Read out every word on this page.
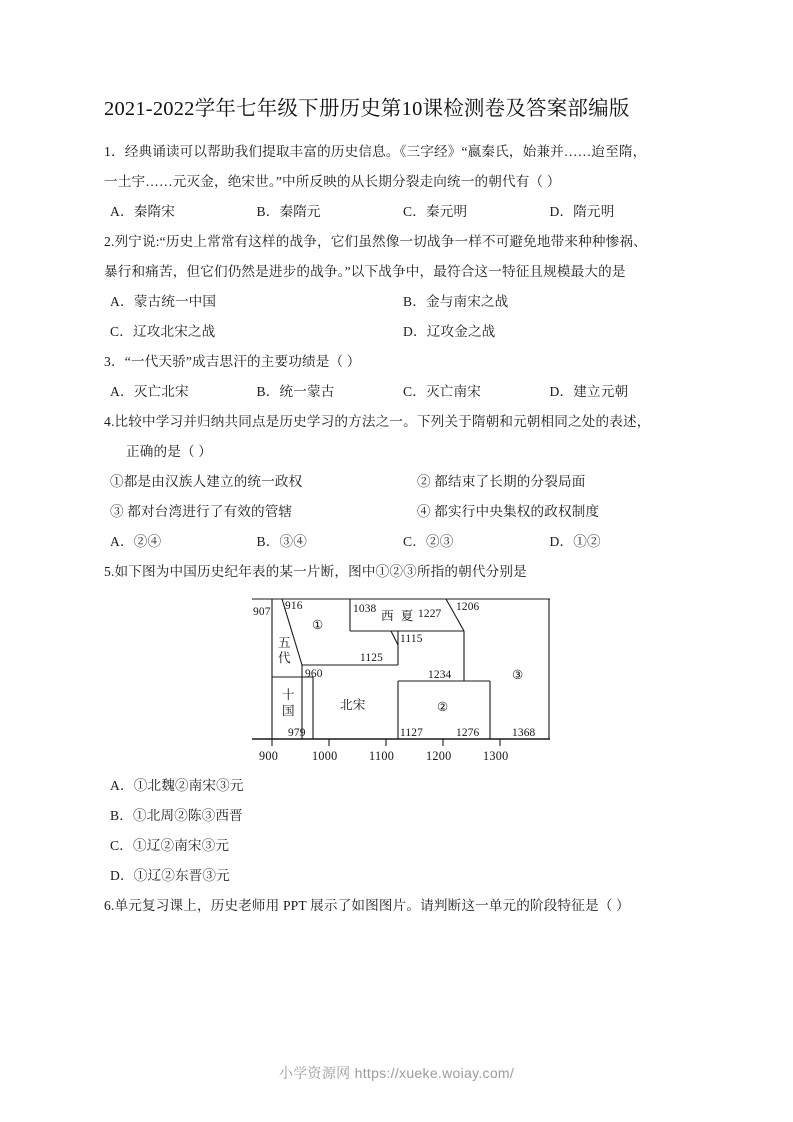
2021-2022学年七年级下册历史第10课检测卷及答案部编版
1．经典诵读可以帮助我们提取丰富的历史信息。《三字经》“嬴秦氏，始兼并……迨至隋，
一土宇……元灭金，绝宋世。”中所反映的从长期分裂走向统一的朝代有（ ）
A．秦隋宋	B．秦隋元	C．秦元明	D．隋元明
2.列宁说:“历史上常常有这样的战争，它们虽然像一切战争一样不可避免地带来种种惨祸、
暴行和痛苦，但它们仍然是进步的战争。”以下战争中，最符合这一特征且规模最大的是
A．蒙古统一中国	B．金与南宋之战
C．辽攻北宋之战	D．辽攻金之战
3．“一代天骄”成吉思汗的主要功绩是（ ）
A．灭亡北宋	B．统一蒙古	C．灭亡南宋	D．建立元朝
4.比较中学习并归纳共同点是历史学习的方法之一。下列关于隋朝和元朝相同之处的表述，
正确的是（ ）
①都是由汉族人建立的统一政权	② 都结束了长期的分裂局面
③ 都对台湾进行了有效的管辖	④ 都实行中央集权的政权制度
A．②④	B．③④	C．②③	D．①②
5.如下图为中国历史纪年表的某一片断，图中①②③所指的朝代分别是
907 916	1038	1227
1206
1115
1125
960	1234
979	1127	1276	1368
五
代
十
国	北宋
西 夏
①
②
③
900	1000	1100	1200	1300
A．①北魏②南宋③元
B．①北周②陈③西晋
C．①辽②南宋③元
D．①辽②东晋③元
6.单元复习课上，历史老师用 PPT 展示了如图图片。请判断这一单元的阶段特征是（ ）
小学资源网 https://xueke.woiay.com/
